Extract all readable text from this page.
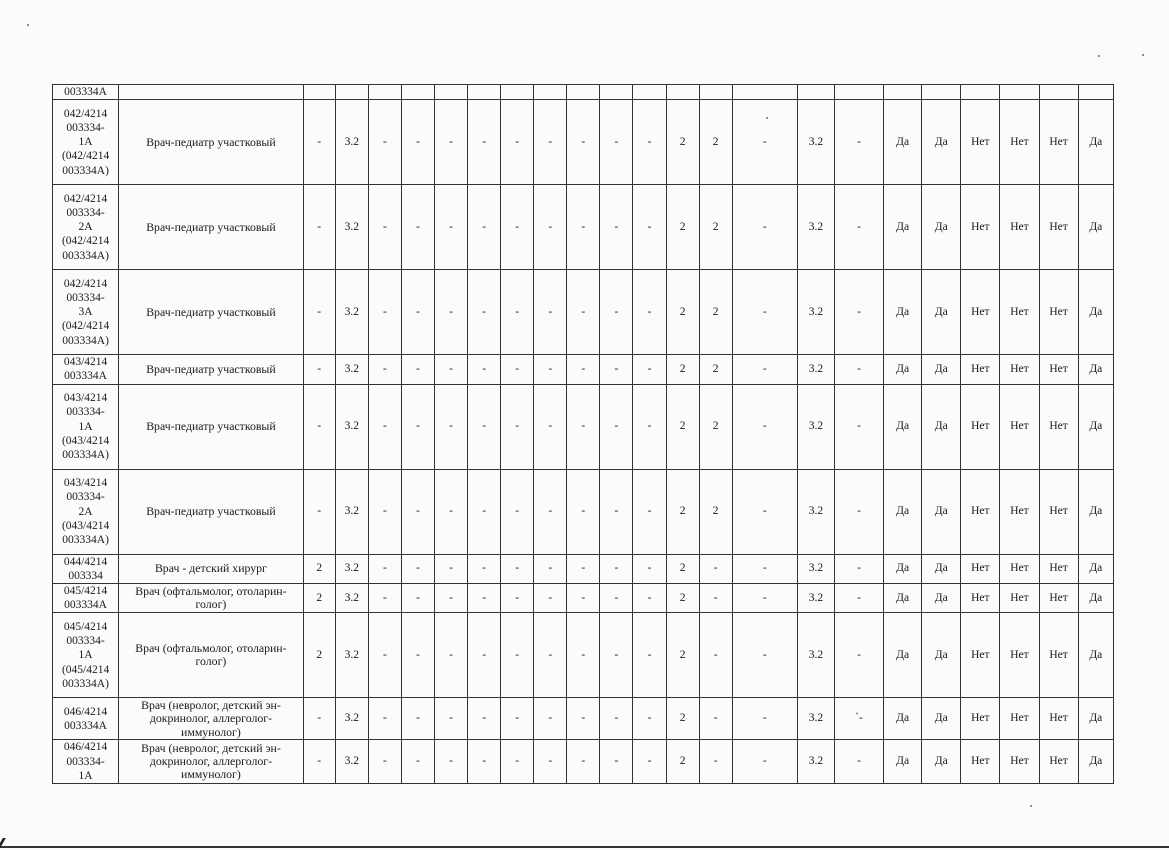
003334A																							
042/4214
003334-
1А
(042/4214
003334А)	Врач-педиатр участковый	-	3.2	-	-	-	-	-	-	-	-	-	2	2	-	3.2	-	Да	Да	Нет	Нет	Нет	Да
042/4214
003334-
2А
(042/4214
003334А)	Врач-педиатр участковый	-	3.2	-	-	-	-	-	-	-	-	-	2	2	-	3.2	-	Да	Да	Нет	Нет	Нет	Да
042/4214
003334-
3А
(042/4214
003334А)	Врач-педиатр участковый	-	3.2	-	-	-	-	-	-	-	-	-	2	2	-	3.2	-	Да	Да	Нет	Нет	Нет	Да
043/4214
003334А	Врач-педиатр участковый	-	3.2	-	-	-	-	-	-	-	-	-	2	2	-	3.2	-	Да	Да	Нет	Нет	Нет	Да
043/4214
003334-
1А
(043/4214
003334А)	Врач-педиатр участковый	-	3.2	-	-	-	-	-	-	-	-	-	2	2	-	3.2	-	Да	Да	Нет	Нет	Нет	Да
043/4214
003334-
2А
(043/4214
003334А)	Врач-педиатр участковый	-	3.2	-	-	-	-	-	-	-	-	-	2	2	-	3.2	-	Да	Да	Нет	Нет	Нет	Да
044/4214
003334	Врач - детский хирург	2	3.2	-	-	-	-	-	-	-	-	-	2	-	-	3.2	-	Да	Да	Нет	Нет	Нет	Да
045/4214
003334А	Врач (офтальмолог, отоларин-
голог)	2	3.2	-	-	-	-	-	-	-	-	-	2	-	-	3.2	-	Да	Да	Нет	Нет	Нет	Да
045/4214
003334-
1А
(045/4214
003334А)	Врач (офтальмолог, отоларин-
голог)	2	3.2	-	-	-	-	-	-	-	-	-	2	-	-	3.2	-	Да	Да	Нет	Нет	Нет	Да
046/4214
003334А	Врач (невролог, детский эн-
докринолог, аллерголог-
иммунолог)	-	3.2	-	-	-	-	-	-	-	-	-	2	-	-	3.2	`-	Да	Да	Нет	Нет	Нет	Да
046/4214
003334-
1А	Врач (невролог, детский эн-
докринолог, аллерголог-
иммунолог)	-	3.2	-	-	-	-	-	-	-	-	-	2	-	-	3.2	-	Да	Да	Нет	Нет	Нет	Да
